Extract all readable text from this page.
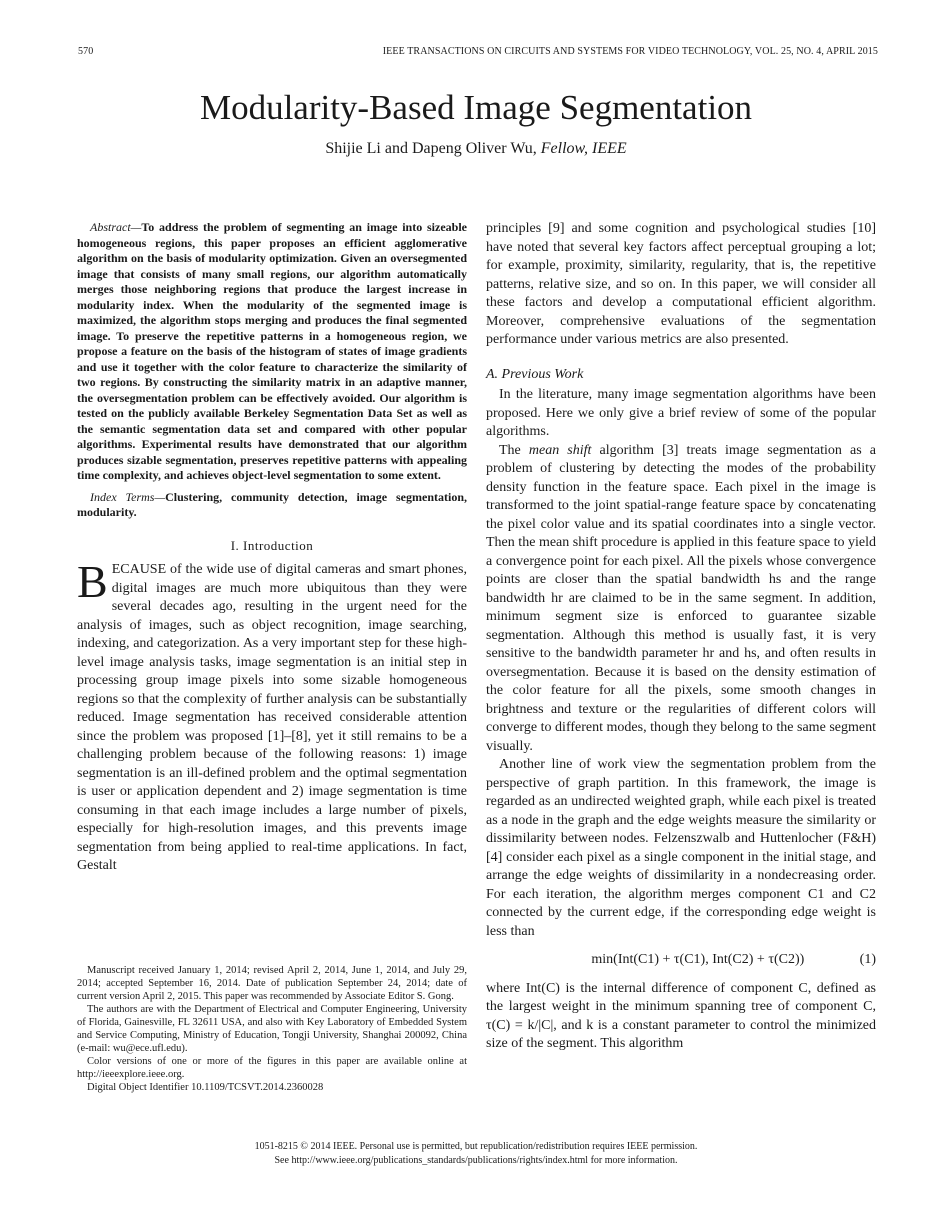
570	IEEE TRANSACTIONS ON CIRCUITS AND SYSTEMS FOR VIDEO TECHNOLOGY, VOL. 25, NO. 4, APRIL 2015
Modularity-Based Image Segmentation
Shijie Li and Dapeng Oliver Wu, Fellow, IEEE

Abstract—To address the problem of segmenting an image into sizeable homogeneous regions, this paper proposes an efficient agglomerative algorithm on the basis of modularity optimization. Given an oversegmented image that consists of many small regions, our algorithm automatically merges those neighboring regions that produce the largest increase in modularity index. When the modularity of the segmented image is maximized, the algorithm stops merging and produces the final segmented image. To preserve the repetitive patterns in a homogeneous region, we propose a feature on the basis of the histogram of states of image gradients and use it together with the color feature to characterize the similarity of two regions. By constructing the similarity matrix in an adaptive manner, the oversegmentation problem can be effectively avoided. Our algorithm is tested on the publicly available Berkeley Segmentation Data Set as well as the semantic segmentation data set and compared with other popular algorithms. Experimental results have demonstrated that our algorithm produces sizable segmentation, preserves repetitive patterns with appealing time complexity, and achieves object-level segmentation to some extent.

Index Terms—Clustering, community detection, image segmentation, modularity.

I. Introduction

BECAUSE of the wide use of digital cameras and smart phones, digital images are much more ubiquitous than they were several decades ago, resulting in the urgent need for the analysis of images, such as object recognition, image searching, indexing, and categorization. As a very important step for these high-level image analysis tasks, image segmentation is an initial step in processing group image pixels into some sizable homogeneous regions so that the complexity of further analysis can be substantially reduced. Image segmentation has received considerable attention since the problem was proposed [1]–[8], yet it still remains to be a challenging problem because of the following reasons: 1) image segmentation is an ill-defined problem and the optimal segmentation is user or application dependent and 2) image segmentation is time consuming in that each image includes a large number of pixels, especially for high-resolution images, and this prevents image segmentation from being applied to real-time applications. In fact, Gestalt

Manuscript received January 1, 2014; revised April 2, 2014, June 1, 2014, and July 29, 2014; accepted September 16, 2014. Date of publication September 24, 2014; date of current version April 2, 2015. This paper was recommended by Associate Editor S. Gong.

The authors are with the Department of Electrical and Computer Engineering, University of Florida, Gainesville, FL 32611 USA, and also with Key Laboratory of Embedded System and Service Computing, Ministry of Education, Tongji University, Shanghai 200092, China (e-mail: wu@ece.ufl.edu).

Color versions of one or more of the figures in this paper are available online at http://ieeexplore.ieee.org.

Digital Object Identifier 10.1109/TCSVT.2014.2360028

principles [9] and some cognition and psychological studies [10] have noted that several key factors affect perceptual grouping a lot; for example, proximity, similarity, regularity, that is, the repetitive patterns, relative size, and so on. In this paper, we will consider all these factors and develop a computational efficient algorithm. Moreover, comprehensive evaluations of the segmentation performance under various metrics are also presented.

A. Previous Work

In the literature, many image segmentation algorithms have been proposed. Here we only give a brief review of some of the popular algorithms.

The mean shift algorithm [3] treats image segmentation as a problem of clustering by detecting the modes of the probability density function in the feature space. Each pixel in the image is transformed to the joint spatial-range feature space by concatenating the pixel color value and its spatial coordinates into a single vector. Then the mean shift procedure is applied in this feature space to yield a convergence point for each pixel. All the pixels whose convergence points are closer than the spatial bandwidth hs and the range bandwidth hr are claimed to be in the same segment. In addition, minimum segment size is enforced to guarantee sizable segmentation. Although this method is usually fast, it is very sensitive to the bandwidth parameter hr and hs, and often results in oversegmentation. Because it is based on the density estimation of the color feature for all the pixels, some smooth changes in brightness and texture or the regularities of different colors will converge to different modes, though they belong to the same segment visually.

Another line of work view the segmentation problem from the perspective of graph partition. In this framework, the image is regarded as an undirected weighted graph, while each pixel is treated as a node in the graph and the edge weights measure the similarity or dissimilarity between nodes. Felzenszwalb and Huttenlocher (F&H) [4] consider each pixel as a single component in the initial stage, and arrange the edge weights of dissimilarity in a nondecreasing order. For each iteration, the algorithm merges component C1 and C2 connected by the current edge, if the corresponding edge weight is less than

min(Int(C1) + τ(C1), Int(C2) + τ(C2))	(1)

where Int(C) is the internal difference of component C, defined as the largest weight in the minimum spanning tree of component C, τ(C) = k/|C|, and k is a constant parameter to control the minimized size of the segment. This algorithm

1051-8215 © 2014 IEEE. Personal use is permitted, but republication/redistribution requires IEEE permission.
See http://www.ieee.org/publications_standards/publications/rights/index.html for more information.
